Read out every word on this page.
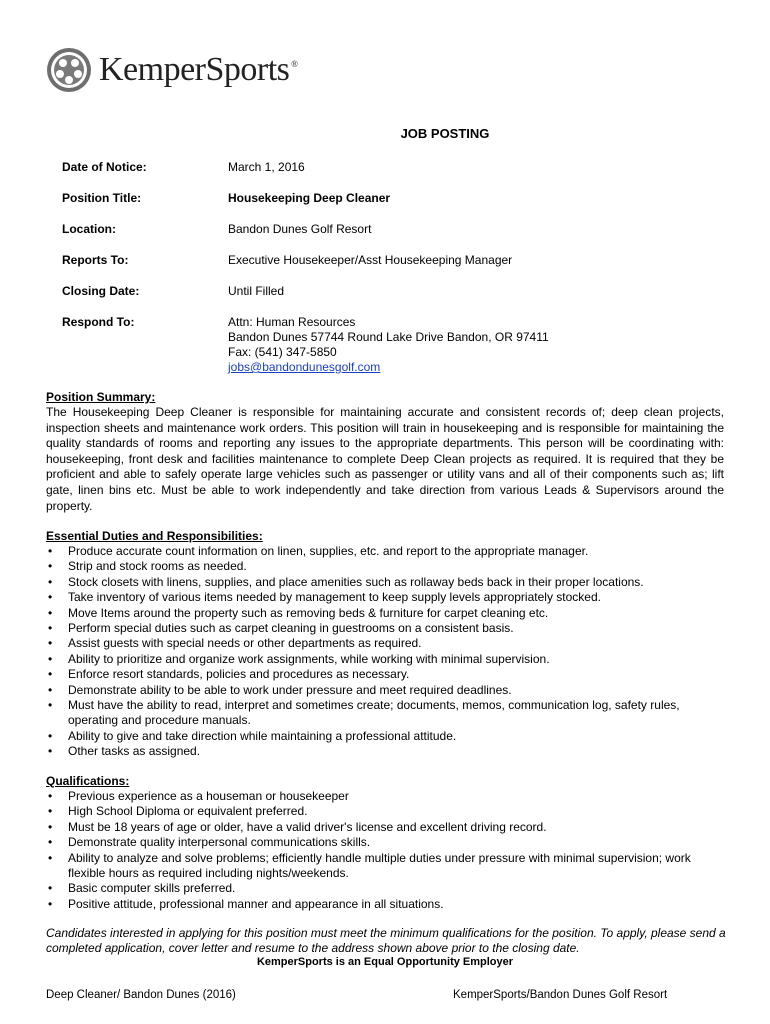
KemperSports ®
JOB POSTING
Date of Notice:	March 1, 2016
Position Title:	Housekeeping Deep Cleaner
Location:	Bandon Dunes Golf Resort
Reports To:	Executive Housekeeper/Asst Housekeeping Manager
Closing Date:	Until Filled
Respond To:	Attn: Human Resources
Bandon Dunes 57744 Round Lake Drive Bandon, OR 97411
Fax: (541) 347-5850
jobs@bandondunesgolf.com
Position Summary:
The Housekeeping Deep Cleaner is responsible for maintaining accurate and consistent records of; deep clean projects, inspection sheets and maintenance work orders. This position will train in housekeeping and is responsible for maintaining the quality standards of rooms and reporting any issues to the appropriate departments. This person will be coordinating with: housekeeping, front desk and facilities maintenance to complete Deep Clean projects as required. It is required that they be proficient and able to safely operate large vehicles such as passenger or utility vans and all of their components such as; lift gate, linen bins etc. Must be able to work independently and take direction from various Leads & Supervisors around the property.
Essential Duties and Responsibilities:
• Produce accurate count information on linen, supplies, etc. and report to the appropriate manager.
• Strip and stock rooms as needed.
• Stock closets with linens, supplies, and place amenities such as rollaway beds back in their proper locations.
• Take inventory of various items needed by management to keep supply levels appropriately stocked.
• Move Items around the property such as removing beds & furniture for carpet cleaning etc.
• Perform special duties such as carpet cleaning in guestrooms on a consistent basis.
• Assist guests with special needs or other departments as required.
• Ability to prioritize and organize work assignments, while working with minimal supervision.
• Enforce resort standards, policies and procedures as necessary.
• Demonstrate ability to be able to work under pressure and meet required deadlines.
• Must have the ability to read, interpret and sometimes create; documents, memos, communication log, safety rules, operating and procedure manuals.
• Ability to give and take direction while maintaining a professional attitude.
• Other tasks as assigned.
Qualifications:
• Previous experience as a houseman or housekeeper
• High School Diploma or equivalent preferred.
• Must be 18 years of age or older, have a valid driver's license and excellent driving record.
• Demonstrate quality interpersonal communications skills.
• Ability to analyze and solve problems; efficiently handle multiple duties under pressure with minimal supervision; work flexible hours as required including nights/weekends.
• Basic computer skills preferred.
• Positive attitude, professional manner and appearance in all situations.
Candidates interested in applying for this position must meet the minimum qualifications for the position. To apply, please send a completed application, cover letter and resume to the address shown above prior to the closing date.
KemperSports is an Equal Opportunity Employer
Deep Cleaner/ Bandon Dunes (2016)	KemperSports/Bandon Dunes Golf Resort
